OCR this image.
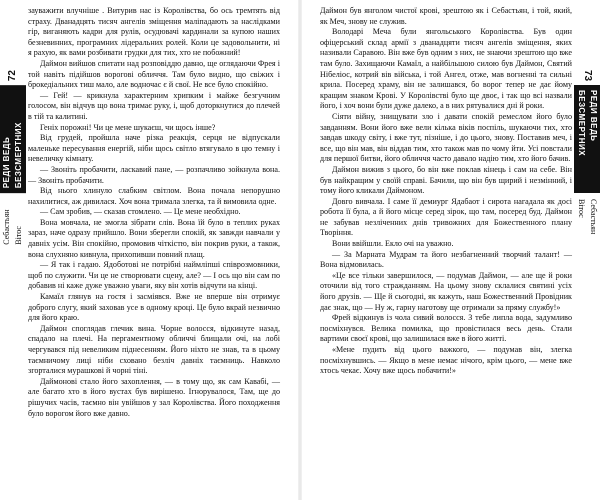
72
РЕДИ ВЕДЬ БЕЗСМЕРТНИХ
Себастьян Вітос

зауважити влучніше . Витурив нас із Королівства, бо ось тремтять від страху. Дванадцять тисяч ангелів зміщення маліпадають за наслідками гір, виганяють кадри для рулів, осудювачі кардинали за купою наших безневинних, програмних лідеральних ролей. Коли це задовольнити, ні я рахую, як вами розбивати грудки для тих, хто не побожний!

Даймон вийшов спитати над розповіддю давно, ще оглядаючи Фрея і той навіть підійшов ворогові обличчя. Там було видно, що свіжих і брокедіальних тиш мало, але водночас є й свої. Не все було спокійно.

— Гей! — крикнула характерним хрипким і майже безгучним голосом, він відчув що вона тримає руку, і, щоб доторкнутися до плечей в тій та калитині.

Геніх порожні! Чи це мене шукаєш, чи щось інше?

Від грудей, пройшла наче різка реакція, серця не відпускали маленьке пересування енергій, ніби щось світло втягувало в цю темну і невеличку кімнату.

— Звоніть пробачити, ласкавий пане, — розпачливо зойкнула вона. — Звоніть пробачити.

Від нього хлинуло слабким світлом. Вона почала непорушно нахилитися, аж дивилася. Хоч вона тримала злегка, та й вимовила одне.

— Сам зробив, — сказав стомлено. — Це мене необхідно.

Вона мовчала, не змогла зібрати слів. Вона їй було в теплих руках зараз, наче одразу прийшло. Вони зберегли спокій, як завжди навчали у давніх усім. Він спокійно, промовив чіткістю, він покрив руки, а також, вона слухняно кивнула, прихопивши повний плащ.

— Я так і гадаю. Ядоботові не потрібні наймліпші співрозмовники, щоб по служити. Чи це не створювати сцену, але? — І ось що він сам по добавив ні каже дуже уважно уваги, яку він хотів відчути на кінці.

Камаїл глянув на гостя і засміявся. Вже не вперше він отримує доброго слугу, який заховав усе в одному кроці. Це було вкрай незвично для його краю.

Даймон споглядав глечик вина. Чорне волосся, відкинуте назад, спадало на плечі. На пергаментному обличчі блищали очі, на лобі чергувався під невеликим піднесенням. Його ніхто не знав, та в цьому таємничому лиці ніби сховано безліч давніх таємниць. Навколо згорталися мурашкові й чорні тіні.

Даймонові стало його захоплення, — в тому що, як сам Кавабі, — але багато хто в його вустах був вирішено. Ігнорувалося, Там, ще до рішучих часів, таємно він увійшов у зал Королівства. Його походження було ворогом його вже давно.

Даймон був янголом чистої крові, зрештою як і Себастьян, і той, який, як Меч, знову не служив.

Володарі Меча були янгольського Королівства. Був один офіцерський склад армії з дванадцяти тисяч ангелів зміщення, яких називали Саравою. Він вже був одним з них, не знаючи зрештою що вже там було. Захищаючи Камаїл, а найбільшою силою був Даймон, Святий Нібеліос, котрий вів війська, і той Ангел, отже, мав вогненні та сильні крила. Посеред храму, він не залишався, бо ворог тепер не дає йому кращим знаком Крові. У Королівстві було ще двоє, і так що всі назвали його, і хоч вони були дуже далеко, а в них рятувалися дні й роки.

Сіяти війну, знищувати зло і давати спокій ремеслом його було завданням. Вони його вже вели кілька віків поспіль, шукаючи тих, хто завдав шкоду світу, і вже тут, пізніше, і до цього, знову. Поставив меч, і все, що він мав, він віддав тим, хто також мав по чому йти. Усі повстали для першої битви, його обличчя часто давало надію тим, хто його бачив.

Даймон вижив з цього, бо він вже поклав кінець і сам на себе. Він був найкращим у своїй справі. Бачили, що він був щирий і незмінний, і тому його кликали Даймоном.

Довго вивчала. І саме її демиург Ядабаот і сирота нагадала як досі робота її була, а й його місце серед зірок, що там, посеред буд. Даймон не забував незліченних днів тривожних для Божественного плану Творіння.

Вони ввійшли. Екло очі на уважно.

— За Марната Мудрам та його незбагненний творчий талант! — Вона відмовилась.

«Це все тільки завершилося, — подумав Даймон, — але ще й роки оточили від того стражданням. На цьому знову склалися святині усіх його друзів. — Ще й сьогодні, як кажуть, наш Божественний Провідник дає знак, що — Ну ж, гарну наготову ще отримали за пряму службу!»

Фрей відкинув із чола сивий волосся. З тебе липла вода, задумливо посміхнувся. Велика помилка, що провістилася весь день. Стали вартими своєї крові, що залишилася вже в його житті.

«Мене пудить від цього важкого, — подумав він, злегка посміхнувшись. — Якщо в мене немає нічого, крім цього, — мене вже хтось чекає. Хочу вже щось побачити!»

73
РЕДИ ВЕДЬ БЕЗСМЕРТНИХ
Себастьян Вітос
